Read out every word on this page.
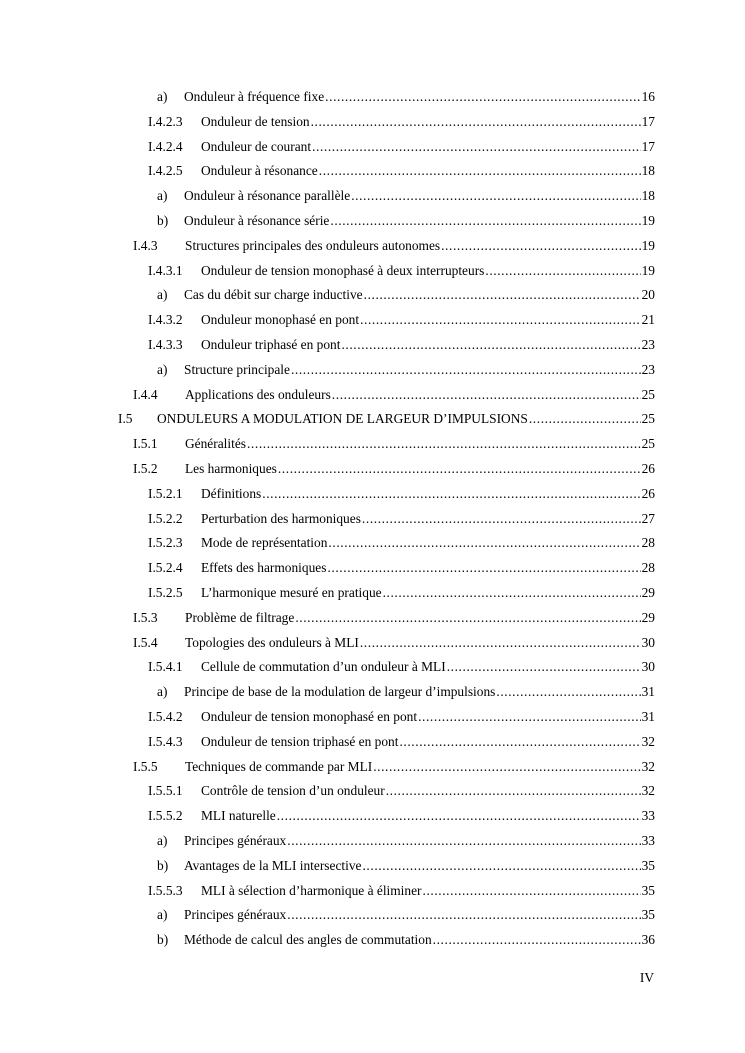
a)	Onduleur à fréquence fixe .....	16
I.4.2.3	Onduleur de tension .....	17
I.4.2.4	Onduleur de courant .....	17
I.4.2.5	Onduleur à résonance .....	18
a)	Onduleur à résonance parallèle .....	18
b)	Onduleur à résonance série .....	19
I.4.3	Structures principales des onduleurs autonomes .....	19
I.4.3.1	Onduleur de tension monophasé à deux interrupteurs .....	19
a)	Cas du débit sur charge inductive .....	20
I.4.3.2	Onduleur monophasé en pont .....	21
I.4.3.3	Onduleur triphasé en pont .....	23
a)	Structure principale .....	23
I.4.4	Applications des onduleurs .....	25
I.5	ONDULEURS A MODULATION DE LARGEUR D’IMPULSIONS .....	25
I.5.1	Généralités .....	25
I.5.2	Les harmoniques .....	26
I.5.2.1	Définitions .....	26
I.5.2.2	Perturbation des harmoniques .....	27
I.5.2.3	Mode de représentation .....	28
I.5.2.4	Effets des harmoniques .....	28
I.5.2.5	L’harmonique mesuré en pratique .....	29
I.5.3	Problème de filtrage .....	29
I.5.4	Topologies des onduleurs à MLI .....	30
I.5.4.1	Cellule de commutation d’un onduleur à MLI .....	30
a)	Principe de base de la modulation de largeur d’impulsions .....	31
I.5.4.2	Onduleur de tension monophasé en pont .....	31
I.5.4.3	Onduleur de tension triphasé en pont .....	32
I.5.5	Techniques de commande par MLI .....	32
I.5.5.1	Contrôle de tension d’un onduleur .....	32
I.5.5.2	MLI naturelle .....	33
a)	Principes généraux .....	33
b)	Avantages de la MLI intersective .....	35
I.5.5.3	MLI à sélection d’harmonique à éliminer .....	35
a)	Principes généraux .....	35
b)	Méthode de calcul des angles de commutation .....	36
IV
